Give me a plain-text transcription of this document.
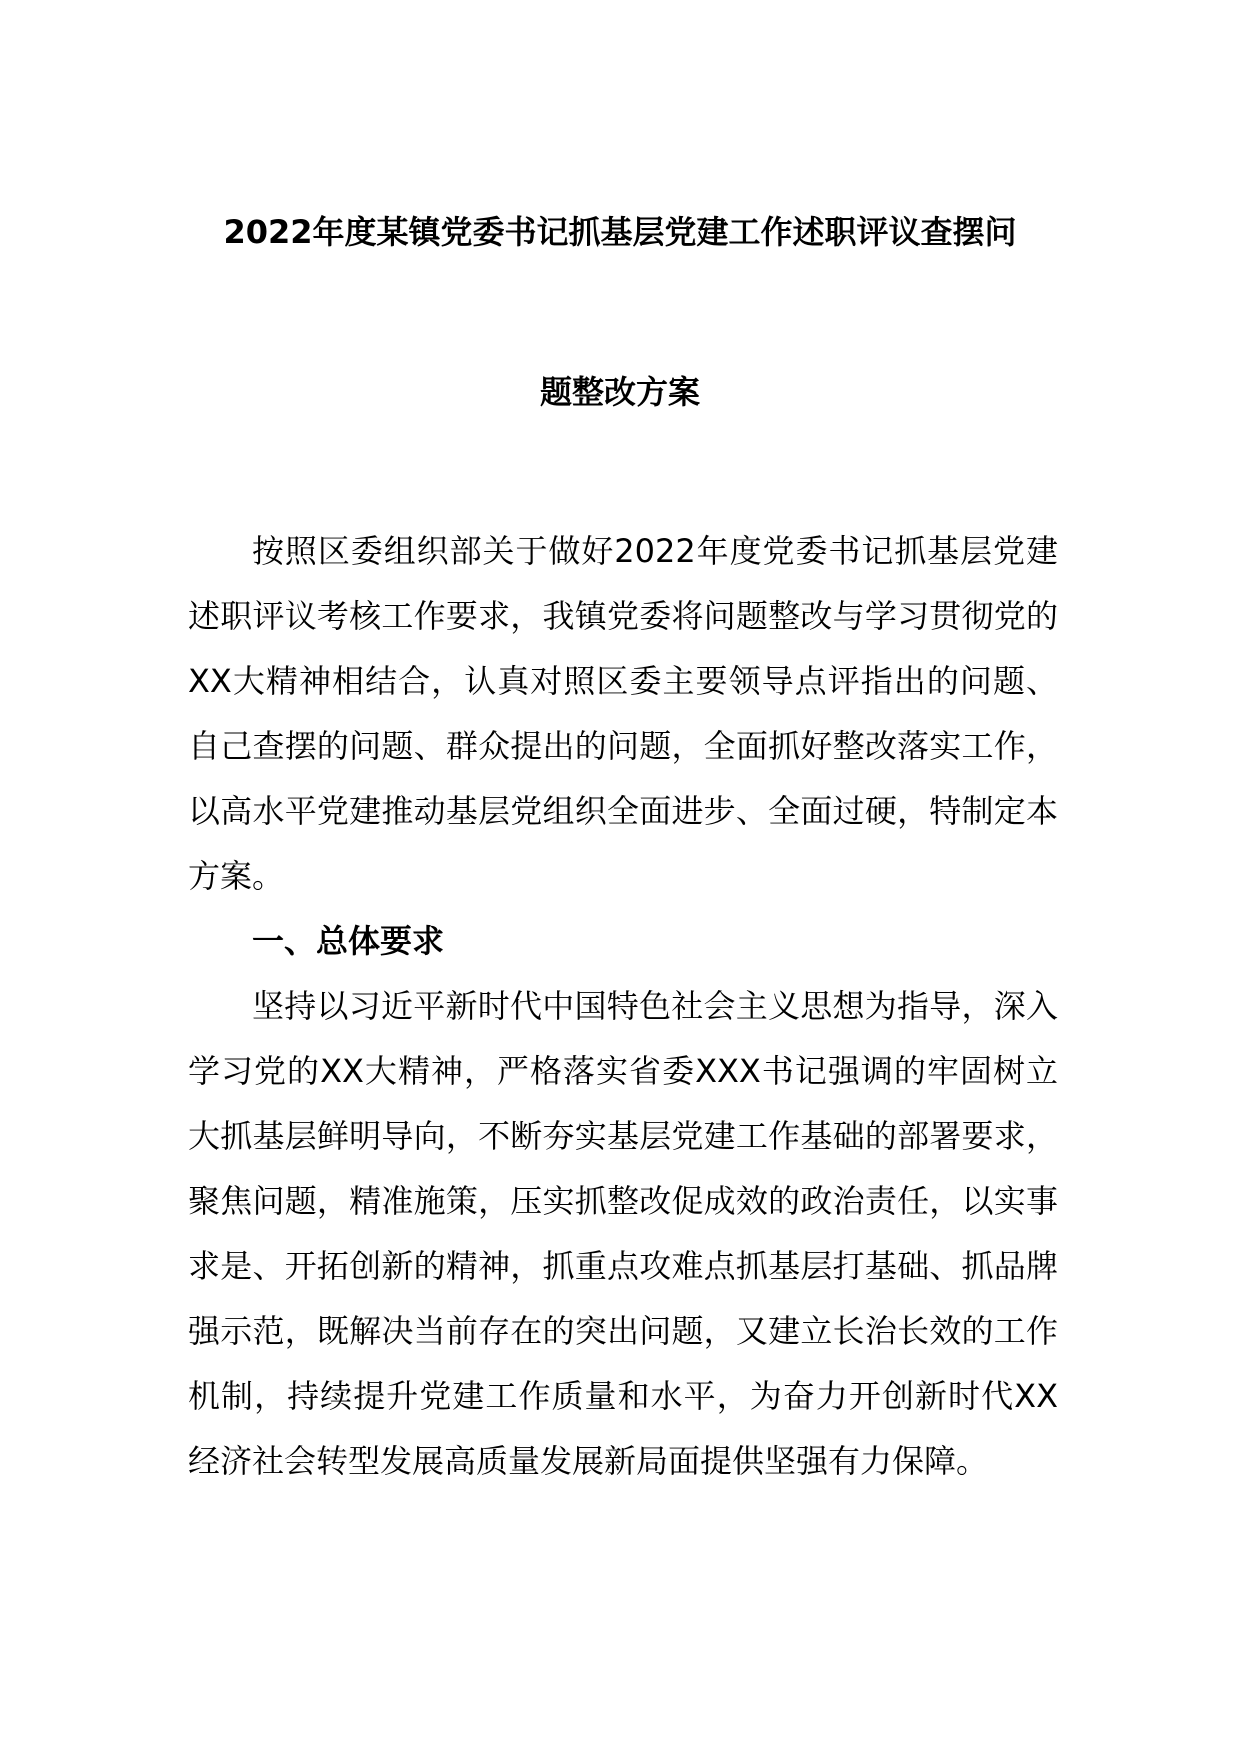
2022年度某镇党委书记抓基层党建工作述职评议查摆问
题整改方案

按照区委组织部关于做好2022年度党委书记抓基层党建述职评议考核工作要求，我镇党委将问题整改与学习贯彻党的XX大精神相结合，认真对照区委主要领导点评指出的问题、自己查摆的问题、群众提出的问题，全面抓好整改落实工作，以高水平党建推动基层党组织全面进步、全面过硬，特制定本方案。

一、总体要求

坚持以习近平新时代中国特色社会主义思想为指导，深入学习党的XX大精神，严格落实省委XXX书记强调的牢固树立大抓基层鲜明导向，不断夯实基层党建工作基础的部署要求，聚焦问题，精准施策，压实抓整改促成效的政治责任，以实事求是、开拓创新的精神，抓重点攻难点抓基层打基础、抓品牌强示范，既解决当前存在的突出问题，又建立长治长效的工作机制，持续提升党建工作质量和水平，为奋力开创新时代XX经济社会转型发展高质量发展新局面提供坚强有力保障。
